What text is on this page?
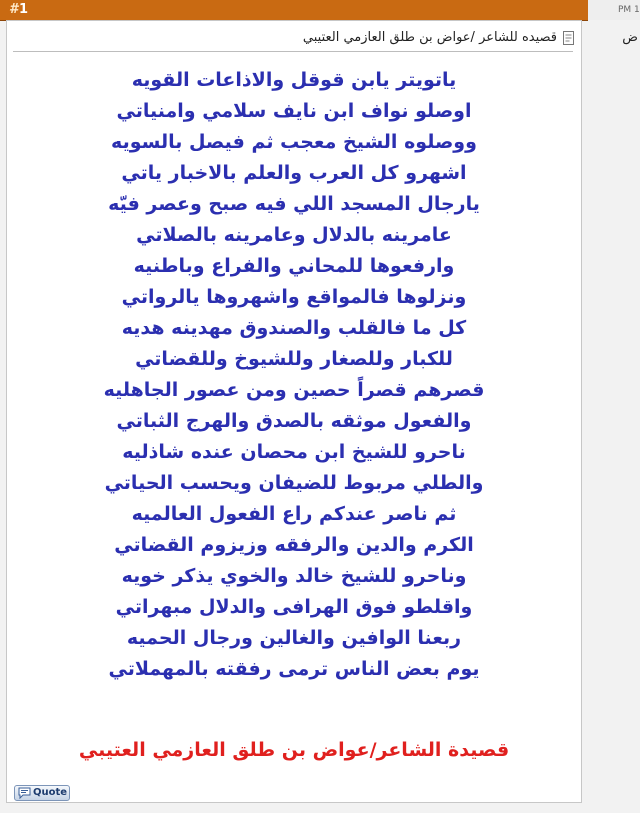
#1	PM 1
ض
قصيده للشاعر /عواض بن طلق العازمي العتيبي
ياتويتر يابن قوقل والاذاعات القويه
اوصلو نواف ابن نايف سلامي وامنياتي
ووصلوه الشيخ معجب ثم فيصل بالسويه
اشهرو كل العرب والعلم بالاخبار ياتي
يارجال المسجد اللي فيه صبح وعصر فيّه
عامرينه بالدلال وعامرينه بالصلاتي
وارفعوها للمحاني والفراع وباطنيه
ونزلوها فالمواقع واشهروها يالرواتي
كل ما فالقلب والصندوق مهدينه هديه
للكبار وللصغار وللشيوخ وللقضاتي
قصرهم قصراً حصين ومن عصور الجاهليه
والفعول موثقه بالصدق والهرج الثباتي
ناحرو للشيخ ابن محصان عنده شاذليه
والطلي مربوط للضيفان ويحسب الحياتي
ثم ناصر عندكم راع الفعول العالميه
الكرم والدين والرفقه وزيزوم القضاتي
وناحرو للشيخ خالد والخوي يذكر خويه
واقلطو فوق الهرافى والدلال مبهراتي
ربعنا الوافين والغالين ورجال الحميه
يوم بعض الناس ترمى رفقته بالمهملاتي
قصيدة الشاعر/عواض بن طلق العازمي العتيبي
Quote
